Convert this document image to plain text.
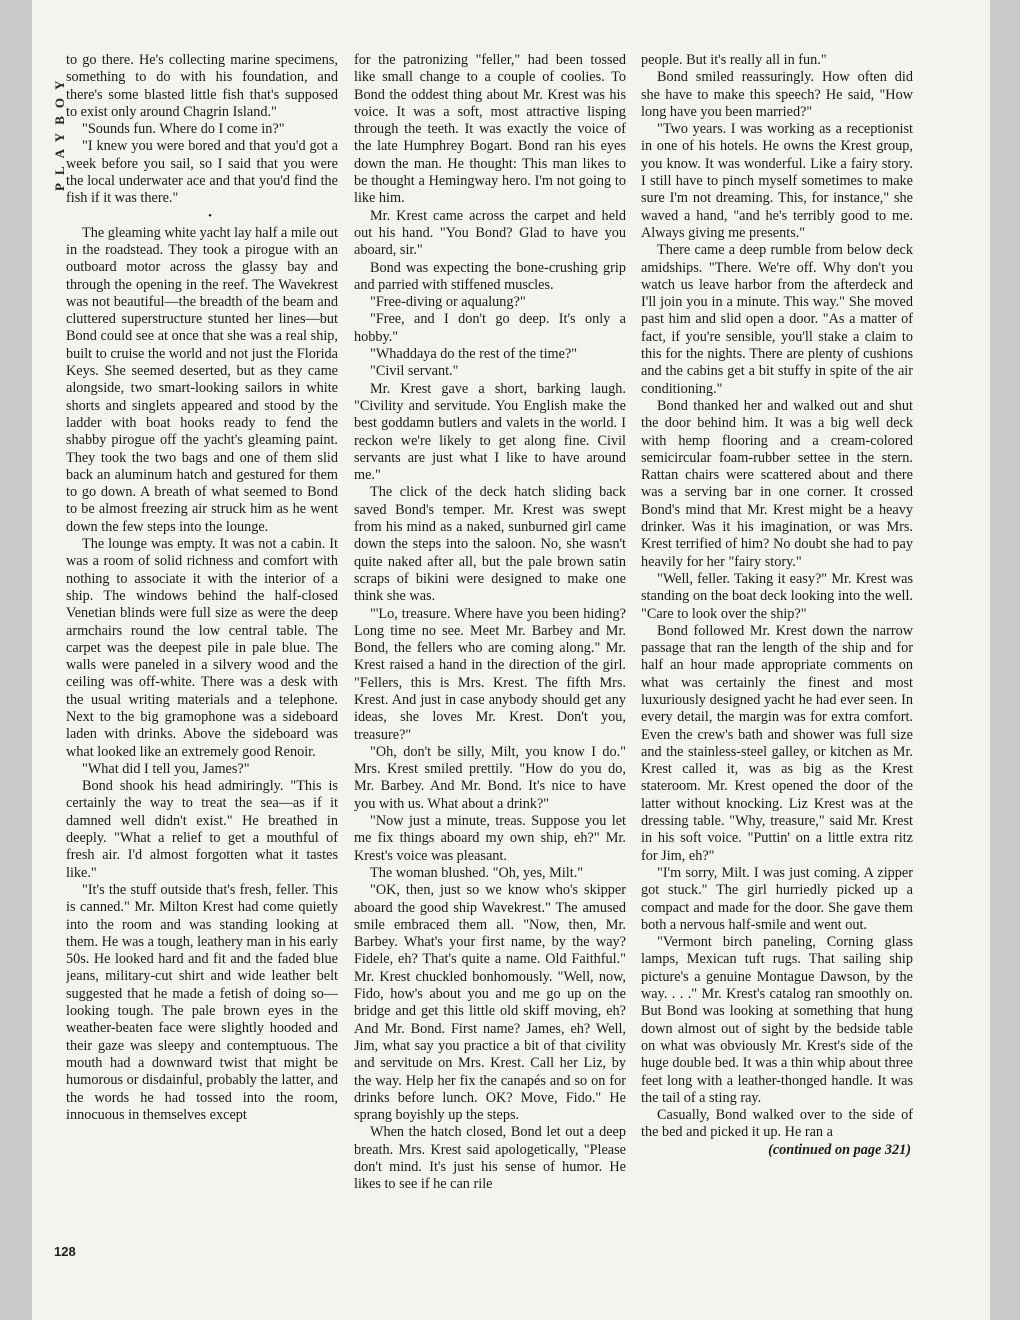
PLAYBOY
128

to go there. He's collecting marine specimens, something to do with his foundation, and there's some blasted little fish that's supposed to exist only around Chagrin Island."

"Sounds fun. Where do I come in?"

"I knew you were bored and that you'd got a week before you sail, so I said that you were the local underwater ace and that you'd find the fish if it was there."

•

The gleaming white yacht lay half a mile out in the roadstead. They took a pirogue with an outboard motor across the glassy bay and through the opening in the reef. The Wavekrest was not beautiful—the breadth of the beam and cluttered superstructure stunted her lines—but Bond could see at once that she was a real ship, built to cruise the world and not just the Florida Keys. She seemed deserted, but as they came alongside, two smart-looking sailors in white shorts and singlets appeared and stood by the ladder with boat hooks ready to fend the shabby pirogue off the yacht's gleaming paint. They took the two bags and one of them slid back an aluminum hatch and gestured for them to go down. A breath of what seemed to Bond to be almost freezing air struck him as he went down the few steps into the lounge.

The lounge was empty. It was not a cabin. It was a room of solid richness and comfort with nothing to associate it with the interior of a ship. The windows behind the half-closed Venetian blinds were full size as were the deep armchairs round the low central table. The carpet was the deepest pile in pale blue. The walls were paneled in a silvery wood and the ceiling was off-white. There was a desk with the usual writing materials and a telephone. Next to the big gramophone was a sideboard laden with drinks. Above the sideboard was what looked like an extremely good Renoir.

"What did I tell you, James?"

Bond shook his head admiringly. "This is certainly the way to treat the sea—as if it damned well didn't exist." He breathed in deeply. "What a relief to get a mouthful of fresh air. I'd almost forgotten what it tastes like."

"It's the stuff outside that's fresh, feller. This is canned." Mr. Milton Krest had come quietly into the room and was standing looking at them. He was a tough, leathery man in his early 50s. He looked hard and fit and the faded blue jeans, military-cut shirt and wide leather belt suggested that he made a fetish of doing so—looking tough. The pale brown eyes in the weather-beaten face were slightly hooded and their gaze was sleepy and contemptuous. The mouth had a downward twist that might be humorous or disdainful, probably the latter, and the words he had tossed into the room, innocuous in themselves except

for the patronizing "feller," had been tossed like small change to a couple of coolies. To Bond the oddest thing about Mr. Krest was his voice. It was a soft, most attractive lisping through the teeth. It was exactly the voice of the late Humphrey Bogart. Bond ran his eyes down the man. He thought: This man likes to be thought a Hemingway hero. I'm not going to like him.

Mr. Krest came across the carpet and held out his hand. "You Bond? Glad to have you aboard, sir."

Bond was expecting the bone-crushing grip and parried with stiffened muscles.

"Free-diving or aqualung?"

"Free, and I don't go deep. It's only a hobby."

"Whaddaya do the rest of the time?"

"Civil servant."

Mr. Krest gave a short, barking laugh. "Civility and servitude. You English make the best goddamn butlers and valets in the world. I reckon we're likely to get along fine. Civil servants are just what I like to have around me."

The click of the deck hatch sliding back saved Bond's temper. Mr. Krest was swept from his mind as a naked, sunburned girl came down the steps into the saloon. No, she wasn't quite naked after all, but the pale brown satin scraps of bikini were designed to make one think she was.

"'Lo, treasure. Where have you been hiding? Long time no see. Meet Mr. Barbey and Mr. Bond, the fellers who are coming along." Mr. Krest raised a hand in the direction of the girl. "Fellers, this is Mrs. Krest. The fifth Mrs. Krest. And just in case anybody should get any ideas, she loves Mr. Krest. Don't you, treasure?"

"Oh, don't be silly, Milt, you know I do." Mrs. Krest smiled prettily. "How do you do, Mr. Barbey. And Mr. Bond. It's nice to have you with us. What about a drink?"

"Now just a minute, treas. Suppose you let me fix things aboard my own ship, eh?" Mr. Krest's voice was pleasant.

The woman blushed. "Oh, yes, Milt."

"OK, then, just so we know who's skipper aboard the good ship Wavekrest." The amused smile embraced them all. "Now, then, Mr. Barbey. What's your first name, by the way? Fidele, eh? That's quite a name. Old Faithful." Mr. Krest chuckled bonhomously. "Well, now, Fido, how's about you and me go up on the bridge and get this little old skiff moving, eh? And Mr. Bond. First name? James, eh? Well, Jim, what say you practice a bit of that civility and servitude on Mrs. Krest. Call her Liz, by the way. Help her fix the canapés and so on for drinks before lunch. OK? Move, Fido." He sprang boyishly up the steps.

When the hatch closed, Bond let out a deep breath. Mrs. Krest said apologetically, "Please don't mind. It's just his sense of humor. He likes to see if he can rile

people. But it's really all in fun."

Bond smiled reassuringly. How often did she have to make this speech? He said, "How long have you been married?"

"Two years. I was working as a receptionist in one of his hotels. He owns the Krest group, you know. It was wonderful. Like a fairy story. I still have to pinch myself sometimes to make sure I'm not dreaming. This, for instance," she waved a hand, "and he's terribly good to me. Always giving me presents."

There came a deep rumble from below deck amidships. "There. We're off. Why don't you watch us leave harbor from the afterdeck and I'll join you in a minute. This way." She moved past him and slid open a door. "As a matter of fact, if you're sensible, you'll stake a claim to this for the nights. There are plenty of cushions and the cabins get a bit stuffy in spite of the air conditioning."

Bond thanked her and walked out and shut the door behind him. It was a big well deck with hemp flooring and a cream-colored semicircular foam-rubber settee in the stern. Rattan chairs were scattered about and there was a serving bar in one corner. It crossed Bond's mind that Mr. Krest might be a heavy drinker. Was it his imagination, or was Mrs. Krest terrified of him? No doubt she had to pay heavily for her "fairy story."

"Well, feller. Taking it easy?" Mr. Krest was standing on the boat deck looking into the well. "Care to look over the ship?"

Bond followed Mr. Krest down the narrow passage that ran the length of the ship and for half an hour made appropriate comments on what was certainly the finest and most luxuriously designed yacht he had ever seen. In every detail, the margin was for extra comfort. Even the crew's bath and shower was full size and the stainless-steel galley, or kitchen as Mr. Krest called it, was as big as the Krest stateroom. Mr. Krest opened the door of the latter without knocking. Liz Krest was at the dressing table. "Why, treasure," said Mr. Krest in his soft voice. "Puttin' on a little extra ritz for Jim, eh?"

"I'm sorry, Milt. I was just coming. A zipper got stuck." The girl hurriedly picked up a compact and made for the door. She gave them both a nervous half-smile and went out.

"Vermont birch paneling, Corning glass lamps, Mexican tuft rugs. That sailing ship picture's a genuine Montague Dawson, by the way. . . ." Mr. Krest's catalog ran smoothly on. But Bond was looking at something that hung down almost out of sight by the bedside table on what was obviously Mr. Krest's side of the huge double bed. It was a thin whip about three feet long with a leather-thonged handle. It was the tail of a sting ray.

Casually, Bond walked over to the side of the bed and picked it up. He ran a

(continued on page 321)
